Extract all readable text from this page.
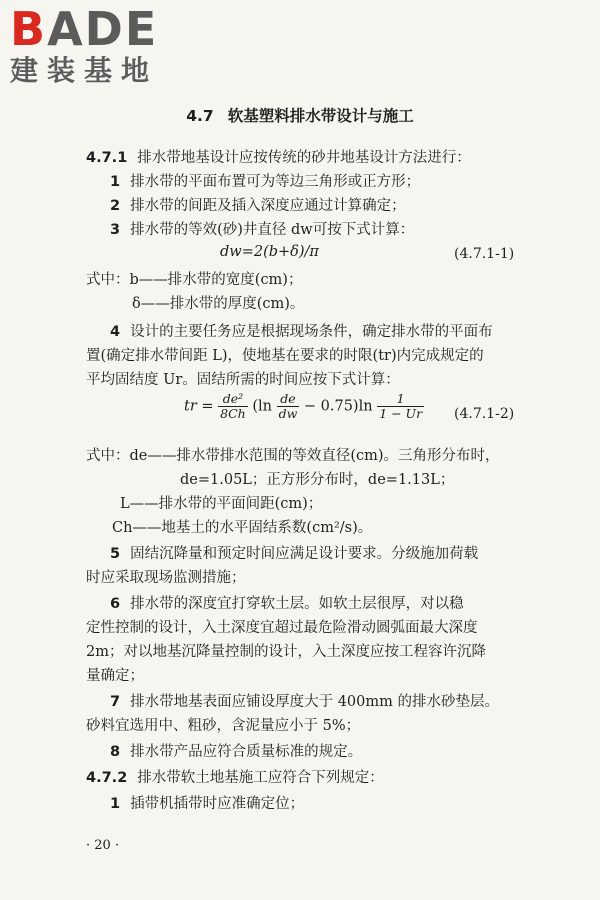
BADE
建装基地
4.7 软基塑料排水带设计与施工
4.7.1 排水带地基设计应按传统的砂井地基设计方法进行：
1 排水带的平面布置可为等边三角形或正方形；
2 排水带的间距及插入深度应通过计算确定；
3 排水带的等效(砂)井直径 dw可按下式计算：
dw=2(b+δ)/π	(4.7.1-1)
式中：b——排水带的宽度(cm)；
δ——排水带的厚度(cm)。
4 设计的主要任务应是根据现场条件，确定排水带的平面布
置(确定排水带间距 L)，使地基在要求的时限(tr)内完成规定的
平均固结度 Ur。固结所需的时间应按下式计算：
tr = $\frac{\text{de²}}{8Ch} (\ln \frac{de}{dw} - 0.75)\ln \frac{1}{1 - Ur} (4.7.1-2)$
式中：de——排水带排水范围的等效直径(cm)。三角形分布时，
de=1.05L；正方形分布时，de=1.13L；
L——排水带的平面间距(cm)；
Ch——地基土的水平固结系数(cm²/s)。
5 固结沉降量和预定时间应满足设计要求。分级施加荷载
时应采取现场监测措施；
6 排水带的深度宜打穿软土层。如软土层很厚，对以稳
定性控制的设计，入土深度宜超过最危险滑动圆弧面最大深度
2m；对以地基沉降量控制的设计，入土深度应按工程容许沉降
量确定；
7 排水带地基表面应铺设厚度大于 400mm 的排水砂垫层。
砂料宜选用中、粗砂，含泥量应小于 5%；
8 排水带产品应符合质量标准的规定。
4.7.2 排水带软土地基施工应符合下列规定：
1 插带机插带时应准确定位；
· 20 ·
